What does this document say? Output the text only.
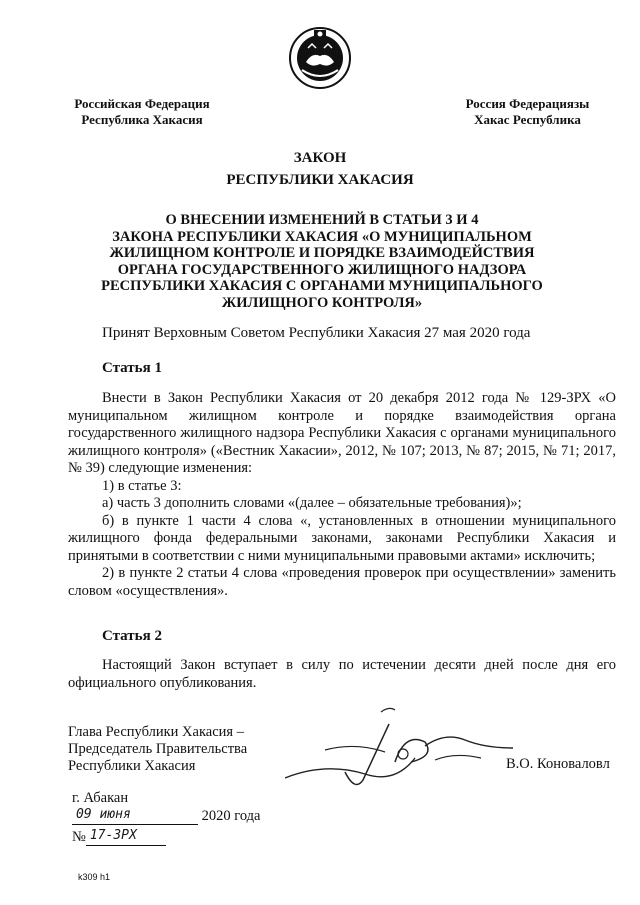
Российская Федерация
Республика Хакасия
Россия Федерациязы
Хакас Республика
ЗАКОН
РЕСПУБЛИКИ ХАКАСИЯ
О ВНЕСЕНИИ ИЗМЕНЕНИЙ В СТАТЬИ 3 И 4
ЗАКОНА РЕСПУБЛИКИ ХАКАСИЯ «О МУНИЦИПАЛЬНОМ
ЖИЛИЩНОМ КОНТРОЛЕ И ПОРЯДКЕ ВЗАИМОДЕЙСТВИЯ
ОРГАНА ГОСУДАРСТВЕННОГО ЖИЛИЩНОГО НАДЗОРА
РЕСПУБЛИКИ ХАКАСИЯ С ОРГАНАМИ МУНИЦИПАЛЬНОГО
ЖИЛИЩНОГО КОНТРОЛЯ»
Принят Верховным Советом Республики Хакасия 27 мая 2020 года
Статья 1

Внести в Закон Республики Хакасия от 20 декабря 2012 года № 129-ЗРХ «О муниципальном жилищном контроле и порядке взаимодействия органа государственного жилищного надзора Республики Хакасия с органами муниципального жилищного контроля» («Вестник Хакасии», 2012, № 107; 2013, № 87; 2015, № 71; 2017, № 39) следующие изменения:

1) в статье 3:

а) часть 3 дополнить словами «(далее – обязательные требования)»;

б) в пункте 1 части 4 слова «, установленных в отношении муниципального жилищного фонда федеральными законами, законами Республики Хакасия и принятыми в соответствии с ними муниципальными правовыми актами» исключить;

2) в пункте 2 статьи 4 слова «проведения проверок при осуществлении» заменить словом «осуществления».

Статья 2

Настоящий Закон вступает в силу по истечении десяти дней после дня его официального опубликования.

Глава Республики Хакасия –
Председатель Правительства
Республики Хакасия	В.О. Коноваловл
г. Абакан
09 июня	2020 года
№ 17-ЗРХ
k309 h1
